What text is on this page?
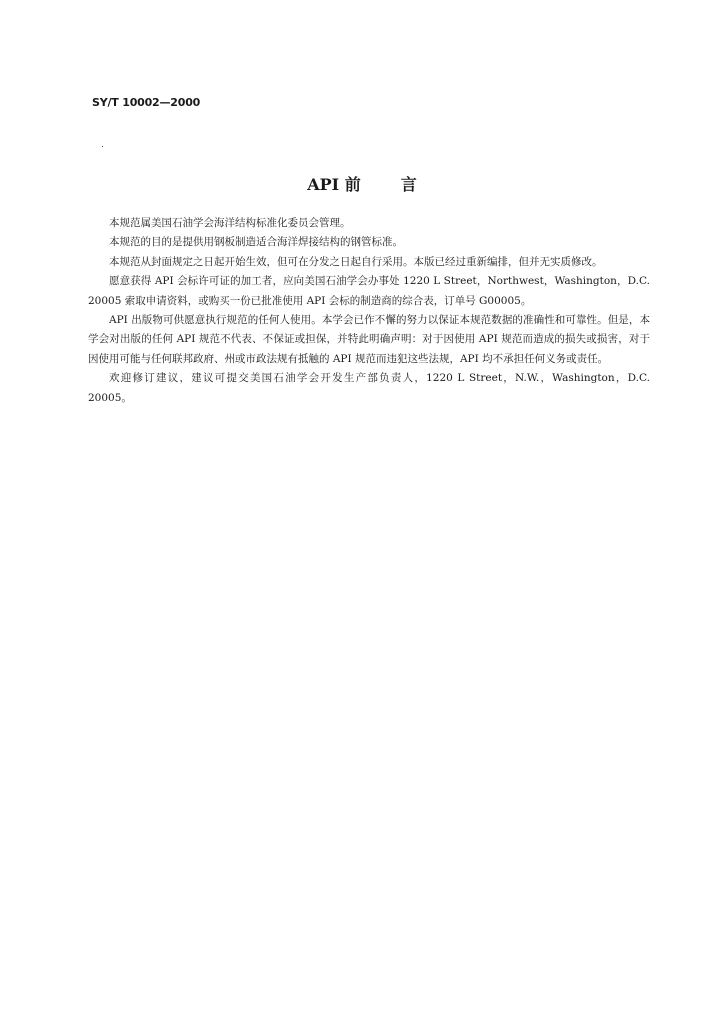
SY/T 10002—2000
API 前	言

本规范属美国石油学会海洋结构标准化委员会管理。

本规范的目的是提供用钢板制造适合海洋焊接结构的钢管标准。

本规范从封面规定之日起开始生效，但可在分发之日起自行采用。本版已经过重新编排，但并无实质修改。

愿意获得 API 会标许可证的加工者，应向美国石油学会办事处 1220 L Street，Northwest，Washington，D.C. 20005 索取申请资料，或购买一份已批准使用 API 会标的制造商的综合表，订单号 G00005。

API 出版物可供愿意执行规范的任何人使用。本学会已作不懈的努力以保证本规范数据的准确性和可靠性。但是，本学会对出版的任何 API 规范不代表、不保证或担保，并特此明确声明：对于因使用 API 规范而造成的损失或损害，对于因使用可能与任何联邦政府、州或市政法规有抵触的 API 规范而违犯这些法规，API 均不承担任何义务或责任。

欢迎修订建议，建议可提交美国石油学会开发生产部负责人，1220 L Street，N.W.，Washington，D.C. 20005。
